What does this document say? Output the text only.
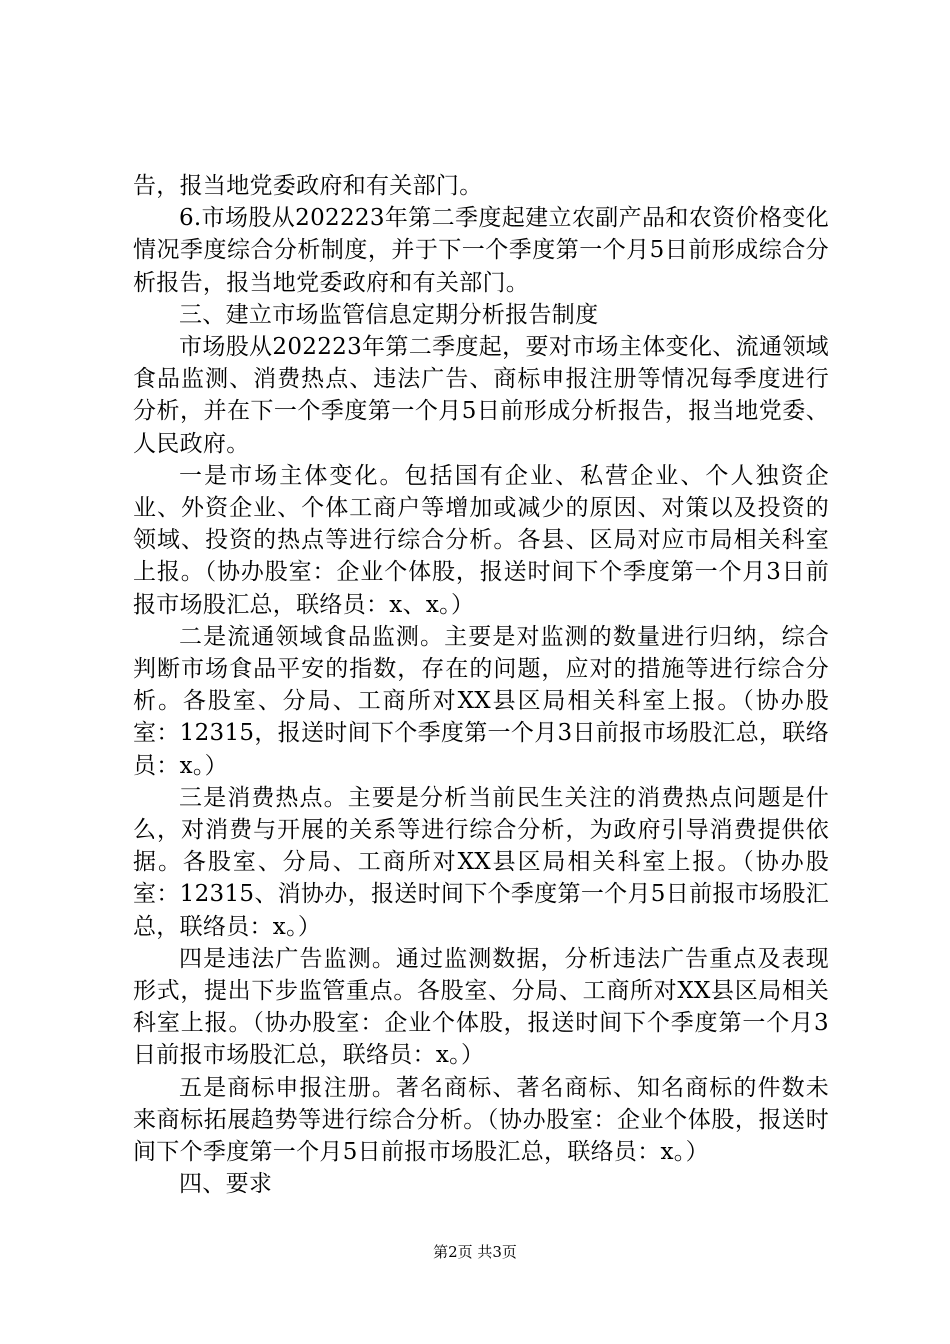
告，报当地党委政府和有关部门。

6.市场股从202223年第二季度起建立农副产品和农资价格变化情况季度综合分析制度，并于下一个季度第一个月5日前形成综合分析报告，报当地党委政府和有关部门。

三、建立市场监管信息定期分析报告制度

市场股从202223年第二季度起，要对市场主体变化、流通领域食品监测、消费热点、违法广告、商标申报注册等情况每季度进行分析，并在下一个季度第一个月5日前形成分析报告，报当地党委、人民政府。

一是市场主体变化。包括国有企业、私营企业、个人独资企业、外资企业、个体工商户等增加或减少的原因、对策以及投资的领域、投资的热点等进行综合分析。各县、区局对应市局相关科室上报。（协办股室：企业个体股，报送时间下个季度第一个月3日前报市场股汇总，联络员：x、x。）

二是流通领域食品监测。主要是对监测的数量进行归纳，综合判断市场食品平安的指数，存在的问题，应对的措施等进行综合分析。各股室、分局、工商所对XX县区局相关科室上报。（协办股室：12315，报送时间下个季度第一个月3日前报市场股汇总，联络员：x。）

三是消费热点。主要是分析当前民生关注的消费热点问题是什么，对消费与开展的关系等进行综合分析，为政府引导消费提供依据。各股室、分局、工商所对XX县区局相关科室上报。（协办股室：12315、消协办，报送时间下个季度第一个月5日前报市场股汇总，联络员：x。）

四是违法广告监测。通过监测数据，分析违法广告重点及表现形式，提出下步监管重点。各股室、分局、工商所对XX县区局相关科室上报。（协办股室：企业个体股，报送时间下个季度第一个月3日前报市场股汇总，联络员：x。）

五是商标申报注册。著名商标、著名商标、知名商标的件数未来商标拓展趋势等进行综合分析。（协办股室：企业个体股，报送时间下个季度第一个月5日前报市场股汇总，联络员：x。）

四、要求

第2页 共3页
